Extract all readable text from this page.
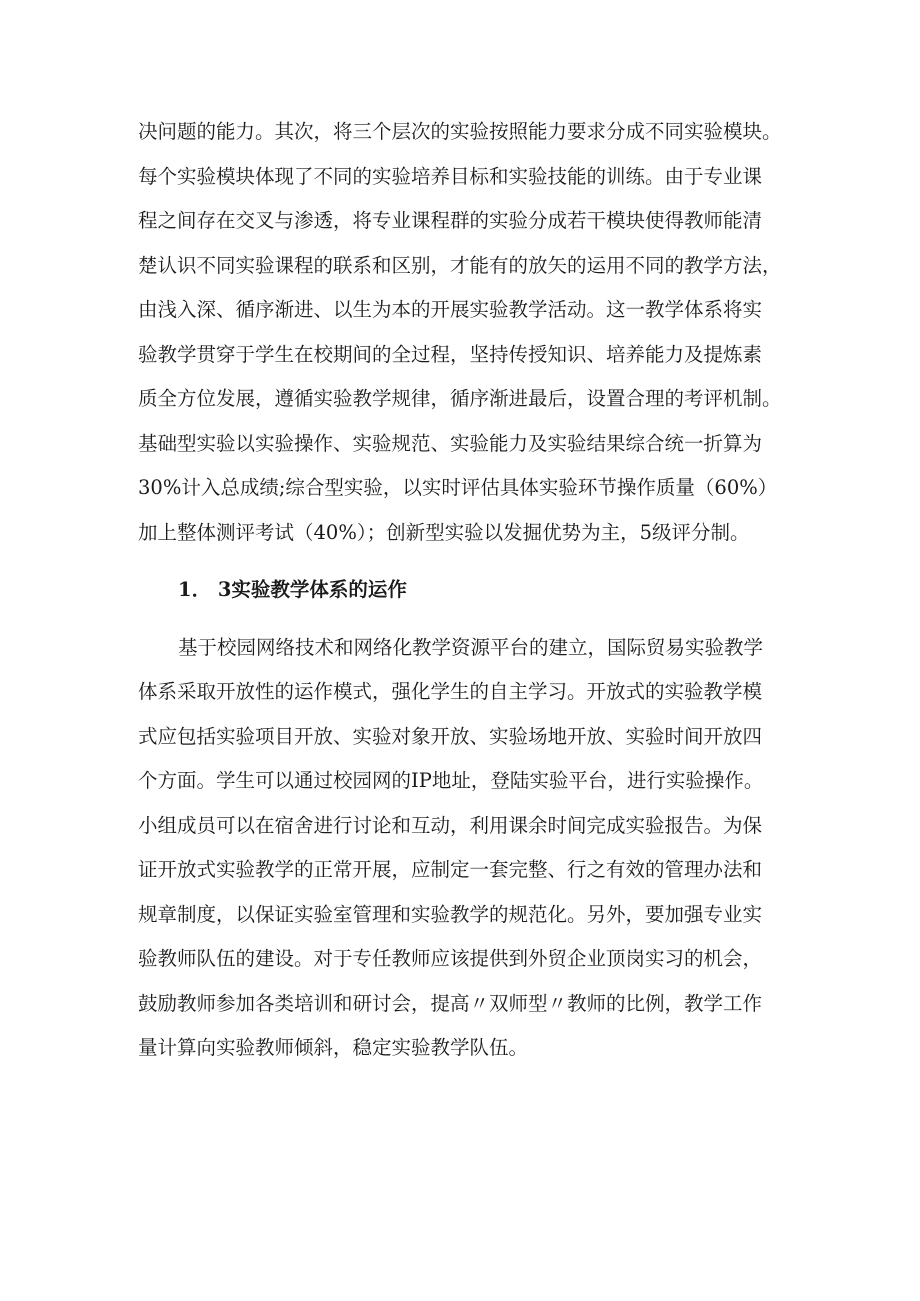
决问题的能力。其次，将三个层次的实验按照能力要求分成不同实验模块。
每个实验模块体现了不同的实验培养目标和实验技能的训练。由于专业课
程之间存在交叉与渗透，将专业课程群的实验分成若干模块使得教师能清
楚认识不同实验课程的联系和区别，才能有的放矢的运用不同的教学方法，
由浅入深、循序渐进、以生为本的开展实验教学活动。这一教学体系将实
验教学贯穿于学生在校期间的全过程，坚持传授知识、培养能力及提炼素
质全方位发展，遵循实验教学规律，循序渐进最后，设置合理的考评机制。
基础型实验以实验操作、实验规范、实验能力及实验结果综合统一折算为
30%计入总成绩;综合型实验，以实时评估具体实验环节操作质量（60%）
加上整体测评考试（40%）；创新型实验以发掘优势为主，5级评分制。

1． 3实验教学体系的运作

基于校园网络技术和网络化教学资源平台的建立，国际贸易实验教学
体系采取开放性的运作模式，强化学生的自主学习。开放式的实验教学模
式应包括实验项目开放、实验对象开放、实验场地开放、实验时间开放四
个方面。学生可以通过校园网的IP地址，登陆实验平台，进行实验操作。
小组成员可以在宿舍进行讨论和互动，利用课余时间完成实验报告。为保
证开放式实验教学的正常开展，应制定一套完整、行之有效的管理办法和
规章制度，以保证实验室管理和实验教学的规范化。另外，要加强专业实
验教师队伍的建设。对于专任教师应该提供到外贸企业顶岗实习的机会，
鼓励教师参加各类培训和研讨会，提高〃双师型〃教师的比例，教学工作
量计算向实验教师倾斜，稳定实验教学队伍。
